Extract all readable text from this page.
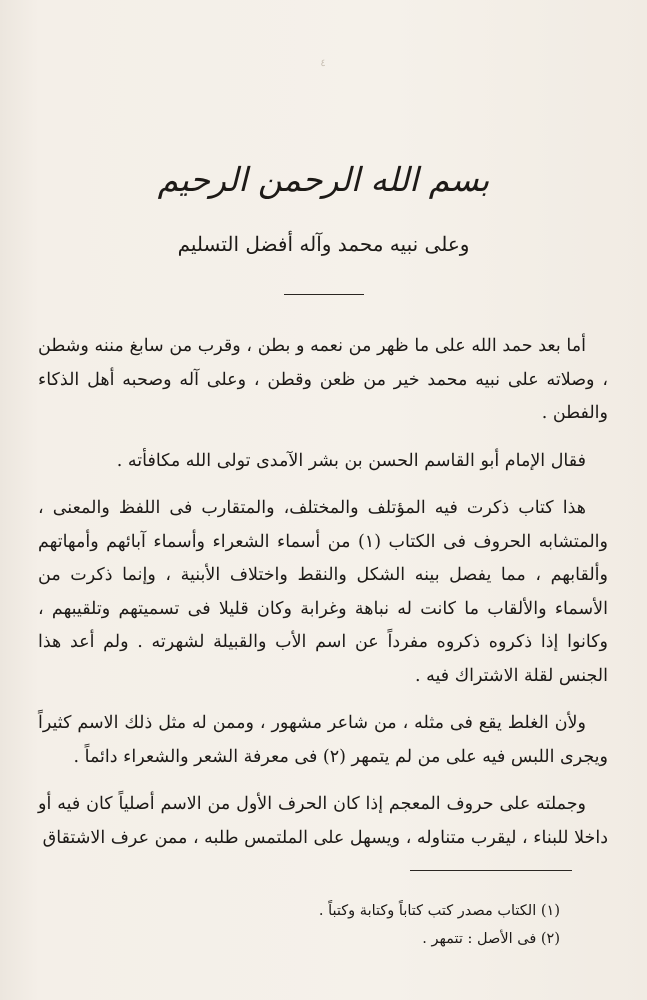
٤
بسم الله الرحمن الرحيم
وعلى نبيه محمد وآله أفضل التسليم

أما بعد حمد الله على ما ظهر من نعمه و بطن ، وقرب من سابغ مننه وشطن ، وصلاته على نبيه محمد خير من ظعن وقطن ، وعلى آله وصحبه أهل الذكاء والفطن .

فقال الإمام أبو القاسم الحسن بن بشر الآمدى تولى الله مكافأته .

هذا كتاب ذكرت فيه المؤتلف والمختلف، والمتقارب فى اللفظ والمعنى ، والمتشابه الحروف فى الكتاب (١) من أسماء الشعراء وأسماء آبائهم وأمهاتهم وألقابهم ، مما يفصل بينه الشكل والنقط واختلاف الأبنية ، وإنما ذكرت من الأسماء والألقاب ما كانت له نباهة وغرابة وكان قليلا فى تسميتهم وتلقيبهم ، وكانوا إذا ذكروه ذكروه مفرداً عن اسم الأب والقبيلة لشهرته . ولم أعد هذا الجنس لقلة الاشتراك فيه .

ولأن الغلط يقع فى مثله ، من شاعر مشهور ، وممن له مثل ذلك الاسم كثيراً ويجرى اللبس فيه على من لم يتمهر (٢) فى معرفة الشعر والشعراء دائماً .

وجملته على حروف المعجم إذا كان الحرف الأول من الاسم أصلياً كان فيه أو داخلا للبناء ، ليقرب متناوله ، ويسهل على الملتمس طلبه ، ممن عرف الاشتقاق

(١) الكتاب مصدر كتب كتاباً وكتابة وكتباً .
(٢) فى الأصل : تتمهر .
